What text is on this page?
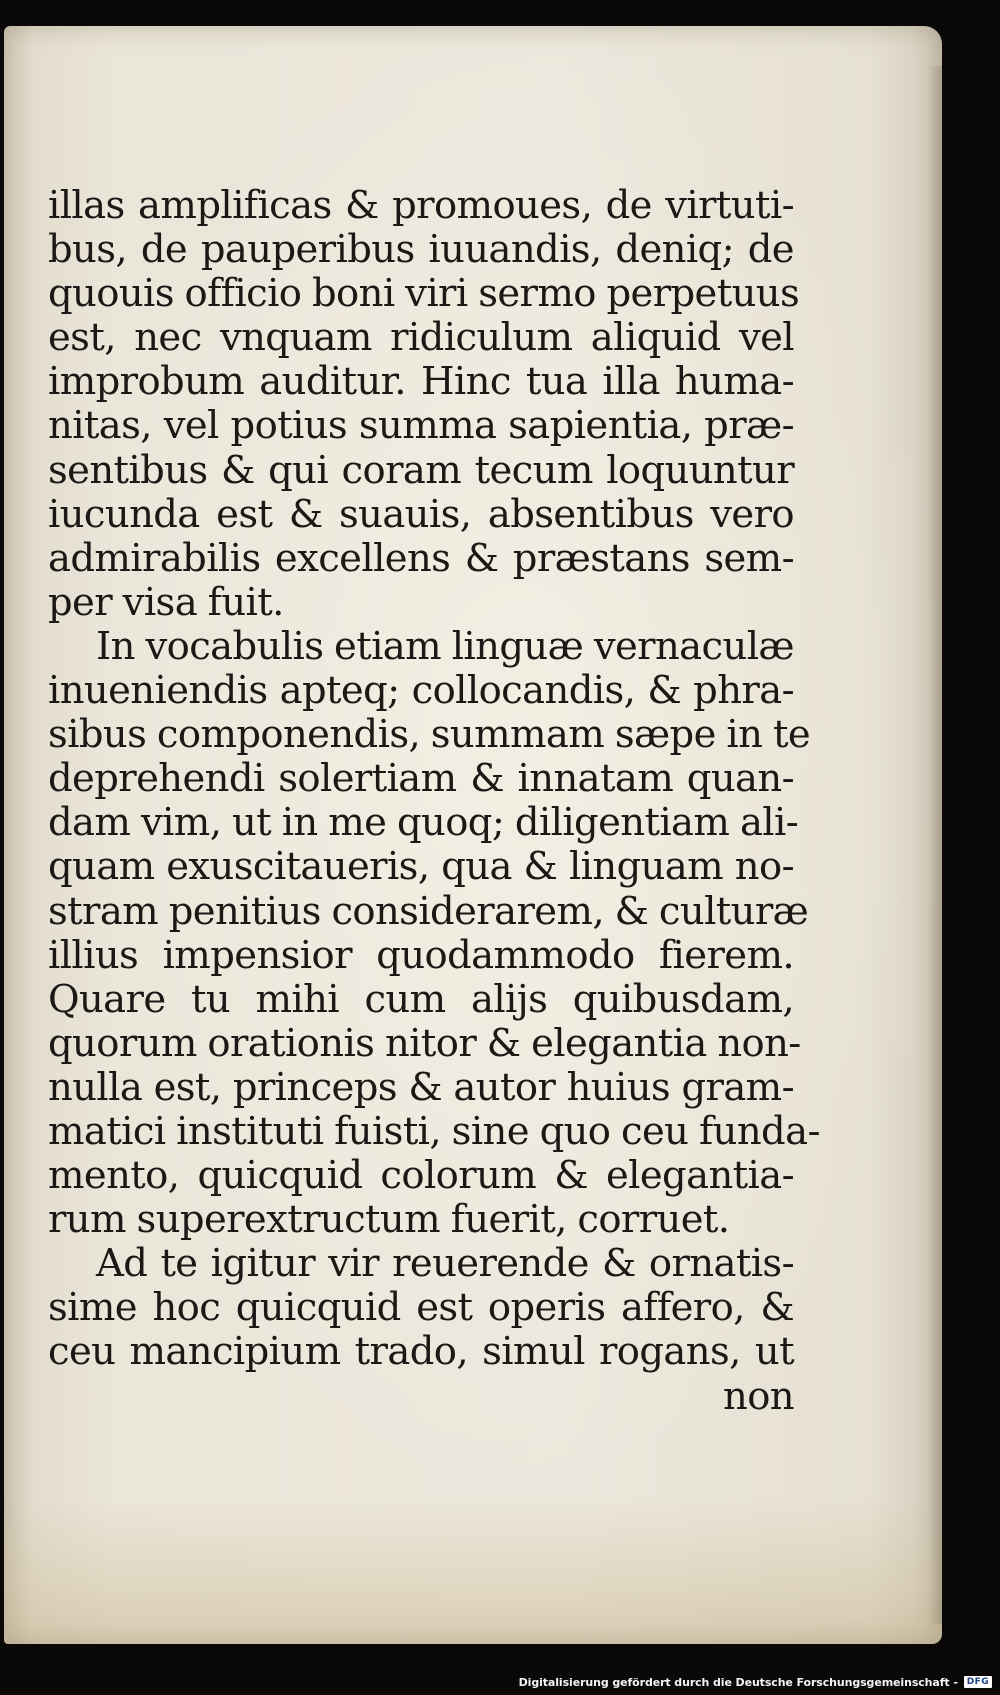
illas amplificas & promoues, de virtuti-
bus, de pauperibus iuuandis, deniq; de
quouis officio boni viri sermo perpetuus
est, nec vnquam ridiculum aliquid vel
improbum auditur. Hinc tua illa huma-
nitas, vel potius summa sapientia, præ-
sentibus & qui coram tecum loquuntur
iucunda est & suauis, absentibus vero
admirabilis excellens & præstans sem-
per visa fuit.
In vocabulis etiam linguæ vernaculæ
inueniendis apteq; collocandis, & phra-
sibus componendis, summam sæpe in te
deprehendi solertiam & innatam quan-
dam vim, ut in me quoq; diligentiam ali-
quam exuscitaueris, qua & linguam no-
stram penitius considerarem, & culturæ
illius impensior quodammodo fierem.
Quare tu mihi cum alijs quibusdam,
quorum orationis nitor & elegantia non-
nulla est, princeps & autor huius gram-
matici instituti fuisti, sine quo ceu funda-
mento, quicquid colorum & elegantia-
rum superextructum fuerit, corruet.
Ad te igitur vir reuerende & ornatis-
sime hoc quicquid est operis affero, &
ceu mancipium trado, simul rogans, ut
non
Digitalisierung gefördert durch die Deutsche Forschungsgemeinschaft -	DFG
